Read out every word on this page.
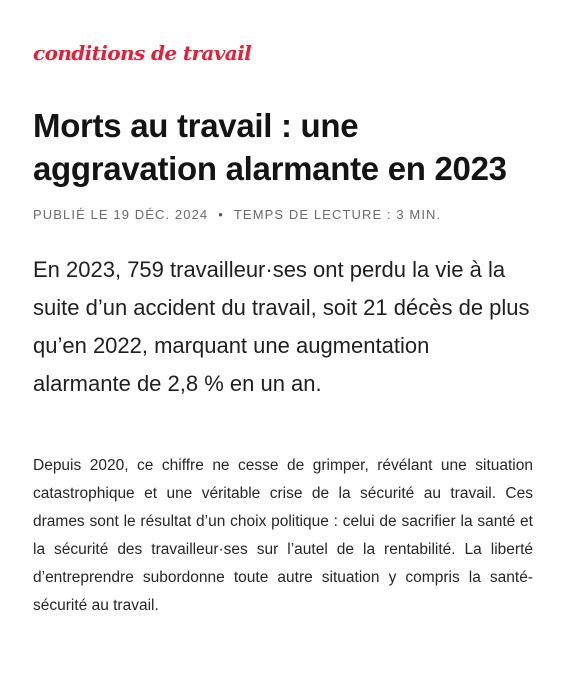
conditions de travail

Morts au travail : une aggravation alarmante en 2023

PUBLIÉ LE 19 DÉC. 2024 • TEMPS DE LECTURE : 3 MIN.

En 2023, 759 travailleur·ses ont perdu la vie à la suite d’un accident du travail, soit 21 décès de plus qu’en 2022, marquant une augmentation alarmante de 2,8 % en un an.

Depuis 2020, ce chiffre ne cesse de grimper, révélant une situation catastrophique et une véritable crise de la sécurité au travail. Ces drames sont le résultat d’un choix politique : celui de sacrifier la santé et la sécurité des travailleur·ses sur l’autel de la rentabilité. La liberté d’entreprendre subordonne toute autre situation y compris la santé-sécurité au travail.
